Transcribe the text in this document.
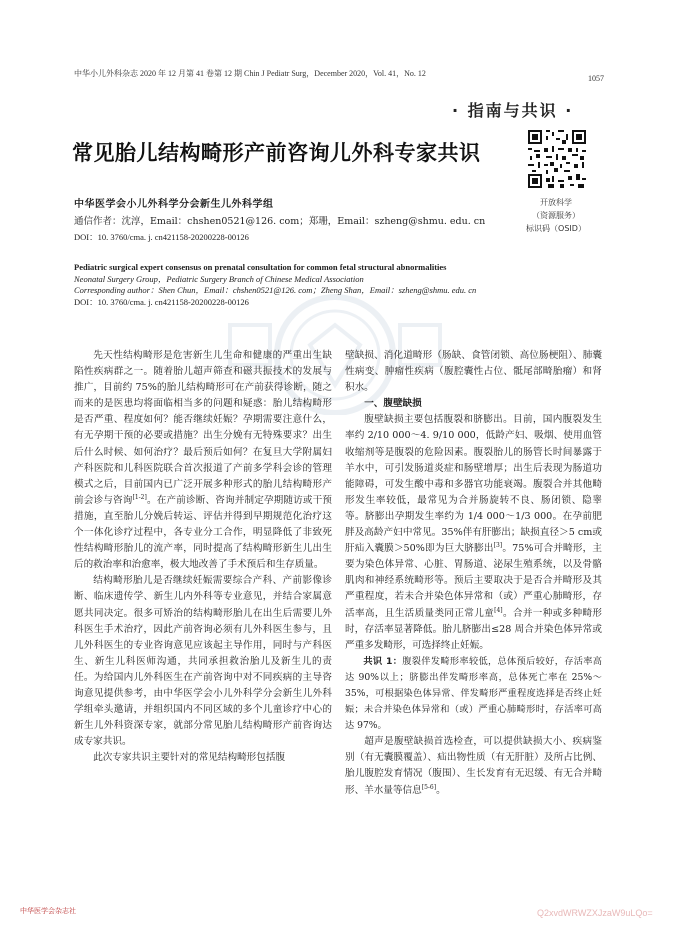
中华小儿外科杂志 2020 年 12 月第 41 卷第 12 期 Chin J Pediatr Surg，December 2020，Vol. 41，No. 12
1057
· 指南与共识 ·
常见胎儿结构畸形产前咨询儿外科专家共识
开放科学
（资源服务）
标识码（OSID）
中华医学会小儿外科学分会新生儿外科学组
通信作者：沈淳，Email：chshen0521@126. com；郑珊，Email：szheng@shmu. edu. cn
DOI：10. 3760/cma. j. cn421158-20200228-00126
Pediatric surgical expert consensus on prenatal consultation for common fetal structural abnormalities
Neonatal Surgery Group，Pediatric Surgery Branch of Chinese Medical Association
Corresponding author：Shen Chun，Email：chshen0521@126. com；Zheng Shan，Email：szheng@shmu. edu. cn
DOI：10. 3760/cma. j. cn421158-20200228-00126

先天性结构畸形是危害新生儿生命和健康的严重出生缺陷性疾病群之一。随着胎儿超声筛查和磁共振技术的发展与推广，目前约 75%的胎儿结构畸形可在产前获得诊断，随之而来的是医患均将面临相当多的问题和疑惑：胎儿结构畸形是否严重、程度如何？能否继续妊娠？孕期需要注意什么，有无孕期干预的必要或措施？出生分娩有无特殊要求？出生后什么时候、如何治疗？最后预后如何？在复旦大学附属妇产科医院和儿科医院联合首次报道了产前多学科会诊的管理模式之后，目前国内已广泛开展多种形式的胎儿结构畸形产前会诊与咨询[1-2]。在产前诊断、咨询并制定孕期随访或干预措施，直至胎儿分娩后转运、评估并得到早期规范化治疗这个一体化诊疗过程中，各专业分工合作，明显降低了非致死性结构畸形胎儿的流产率，同时提高了结构畸形新生儿出生后的救治率和治愈率，极大地改善了手术预后和生存质量。

结构畸形胎儿是否继续妊娠需要综合产科、产前影像诊断、临床遗传学、新生儿内外科等专业意见，并结合家属意愿共同决定。很多可矫治的结构畸形胎儿在出生后需要儿外科医生手术治疗，因此产前咨询必须有儿外科医生参与，且儿外科医生的专业咨询意见应该起主导作用，同时与产科医生、新生儿科医师沟通，共同承担救治胎儿及新生儿的责任。为给国内儿外科医生在产前咨询中对不同疾病的主导咨询意见提供参考，由中华医学会小儿外科学分会新生儿外科学组牵头邀请，并组织国内不同区域的多个儿童诊疗中心的新生儿外科资深专家，就部分常见胎儿结构畸形产前咨询达成专家共识。

此次专家共识主要针对的常见结构畸形包括腹

壁缺损、消化道畸形（肠缺、食管闭锁、高位肠梗阻）、肺囊性病变、肿瘤性疾病（腹腔囊性占位、骶尾部畸胎瘤）和肾积水。

一、腹壁缺损

腹壁缺损主要包括腹裂和脐膨出。目前，国内腹裂发生率约 2/10 000～4. 9/10 000，低龄产妇、吸烟、使用血管收缩剂等是腹裂的危险因素。腹裂胎儿的肠管长时间暴露于羊水中，可引发肠道炎症和肠壁增厚；出生后表现为肠道功能障碍，可发生酸中毒和多器官功能衰竭。腹裂合并其他畸形发生率较低，最常见为合并肠旋转不良、肠闭锁、隐睾等。脐膨出孕期发生率约为 1/4 000～1/3 000。在孕前肥胖及高龄产妇中常见。35%伴有肝膨出；缺损直径＞5 cm或肝疝入囊膜＞50%即为巨大脐膨出[3]。75%可合并畸形，主要为染色体异常、心脏、胃肠道、泌尿生殖系统，以及骨骼肌肉和神经系统畸形等。预后主要取决于是否合并畸形及其严重程度，若未合并染色体异常和（或）严重心肺畸形，存活率高，且生活质量类同正常儿童[4]。合并一种或多种畸形时，存活率显著降低。胎儿脐膨出≤28 周合并染色体异常或严重多发畸形，可选择终止妊娠。

共识 1：腹裂伴发畸形率较低，总体预后较好，存活率高达 90%以上；脐膨出伴发畸形率高，总体死亡率在 25%～35%，可根据染色体异常、伴发畸形严重程度选择是否终止妊娠；未合并染色体异常和（或）严重心肺畸形时，存活率可高达 97%。

超声是腹壁缺损首选检查，可以提供缺损大小、疾病鉴别（有无囊膜覆盖）、疝出物性质（有无肝脏）及所占比例、胎儿腹腔发育情况（腹围）、生长发育有无迟缓、有无合并畸形、羊水量等信息[5-6]。

中华医学会杂志社	Q2xvdWRWZXJzaW9uLQo=
